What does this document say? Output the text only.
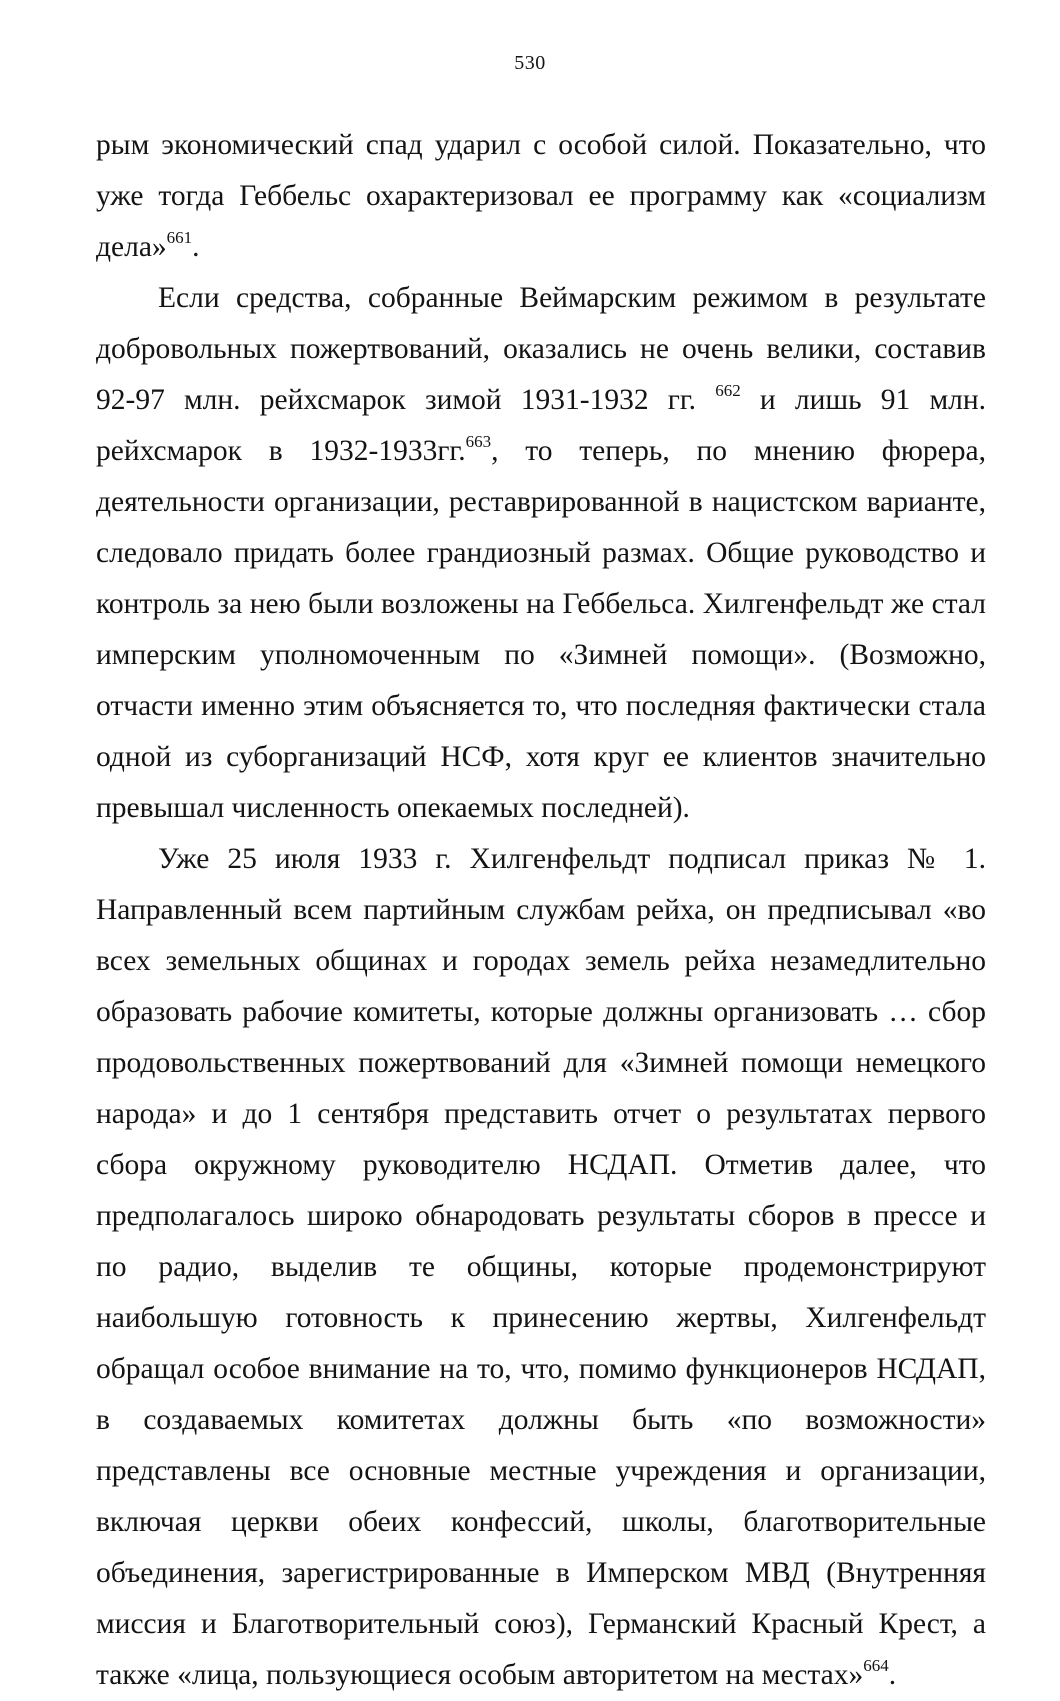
530

рым экономический спад ударил с особой силой. Показательно, что уже тогда Геббельс охарактеризовал ее программу как «социализм дела»$^{661}$.

Если средства, собранные Веймарским режимом в результате добровольных пожертвований, оказались не очень велики, составив 92-97 млн. рейхсмарок зимой 1931-1932 гг. $^{662}$ и лишь 91 млн. рейхсмарок в 1932-1933гг.$^{663}$, то теперь, по мнению фюрера, деятельности организации, реставрированной в нацистском варианте, следовало придать более грандиозный размах. Общие руководство и контроль за нею были возложены на Геббельса. Хилгенфельдт же стал имперским уполномоченным по «Зимней помощи». (Возможно, отчасти именно этим объясняется то, что последняя фактически стала одной из суборганизаций НСФ, хотя круг ее клиентов значительно превышал численность опекаемых последней).

Уже 25 июля 1933 г. Хилгенфельдт подписал приказ № 1. Направленный всем партийным службам рейха, он предписывал «во всех земельных общинах и городах земель рейха незамедлительно образовать рабочие комитеты, которые должны организовать … сбор продовольственных пожертвований для «Зимней помощи немецкого народа» и до 1 сентября представить отчет о результатах первого сбора окружному руководителю НСДАП. Отметив далее, что предполагалось широко обнародовать результаты сборов в прессе и по радио, выделив те общины, которые продемонстрируют наибольшую готовность к принесению жертвы, Хилгенфельдт обращал особое внимание на то, что, помимо функционеров НСДАП, в создаваемых комитетах должны быть «по возможности» представлены все основные местные учреждения и организации, включая церкви обеих конфессий, школы, благотворительные объединения, зарегистрированные в Имперском МВД (Внутренняя миссия и Благотворительный союз), Германский Красный Крест, а также «лица, пользующиеся особым авторитетом на местах»$^{664}$.
